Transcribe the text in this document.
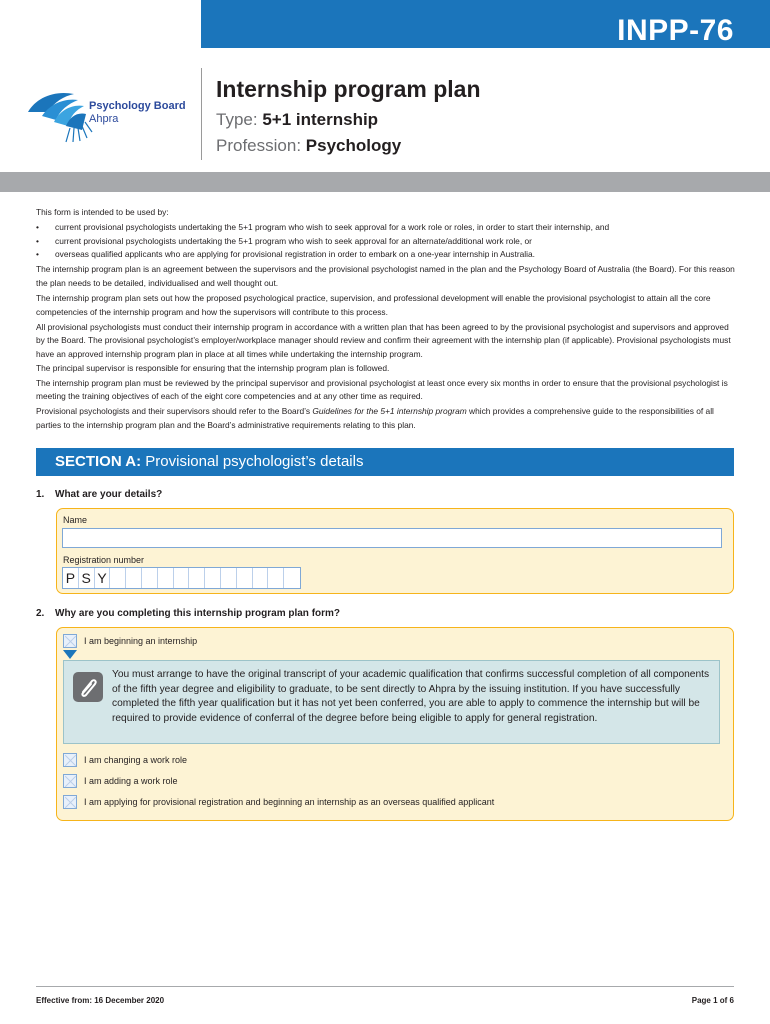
INPP-76
Psychology Board
Ahpra
Internship program plan
Type: 5+1 internship
Profession: Psychology

This form is intended to be used by:

• current provisional psychologists undertaking the 5+1 program who wish to seek approval for a work role or roles, in order to start their internship, and
• current provisional psychologists undertaking the 5+1 program who wish to seek approval for an alternate/additional work role, or
• overseas qualified applicants who are applying for provisional registration in order to embark on a one-year internship in Australia.

The internship program plan is an agreement between the supervisors and the provisional psychologist named in the plan and the Psychology Board of Australia (the Board). For this reason the plan needs to be detailed, individualised and well thought out.

The internship program plan sets out how the proposed psychological practice, supervision, and professional development will enable the provisional psychologist to attain all the core competencies of the internship program and how the supervisors will contribute to this process.

All provisional psychologists must conduct their internship program in accordance with a written plan that has been agreed to by the provisional psychologist and supervisors and approved by the Board. The provisional psychologist’s employer/workplace manager should review and confirm their agreement with the internship plan (if applicable). Provisional psychologists must have an approved internship program plan in place at all times while undertaking the internship program.
The principal supervisor is responsible for ensuring that the internship program plan is followed.

The internship program plan must be reviewed by the principal supervisor and provisional psychologist at least once every six months in order to ensure that the provisional psychologist is meeting the training objectives of each of the eight core competencies and at any other time as required.

Provisional psychologists and their supervisors should refer to the Board’s Guidelines for the 5+1 internship program which provides a comprehensive guide to the responsibilities of all parties to the internship program plan and the Board’s administrative requirements relating to this plan.

SECTION A: Provisional psychologist’s details
1. What are your details?
Name
Registration number
P S Y
2. Why are you completing this internship program plan form?
I am beginning an internship
You must arrange to have the original transcript of your academic qualification that confirms successful completion of all components of the fifth year degree and eligibility to graduate, to be sent directly to Ahpra by the issuing institution. If you have successfully completed the fifth year qualification but it has not yet been conferred, you are able to apply to commence the internship but will be required to provide evidence of conferral of the degree before being eligible to apply for general registration.
I am changing a work role
I am adding a work role
I am applying for provisional registration and beginning an internship as an overseas qualified applicant
Effective from: 16 December 2020	Page 1 of 6
